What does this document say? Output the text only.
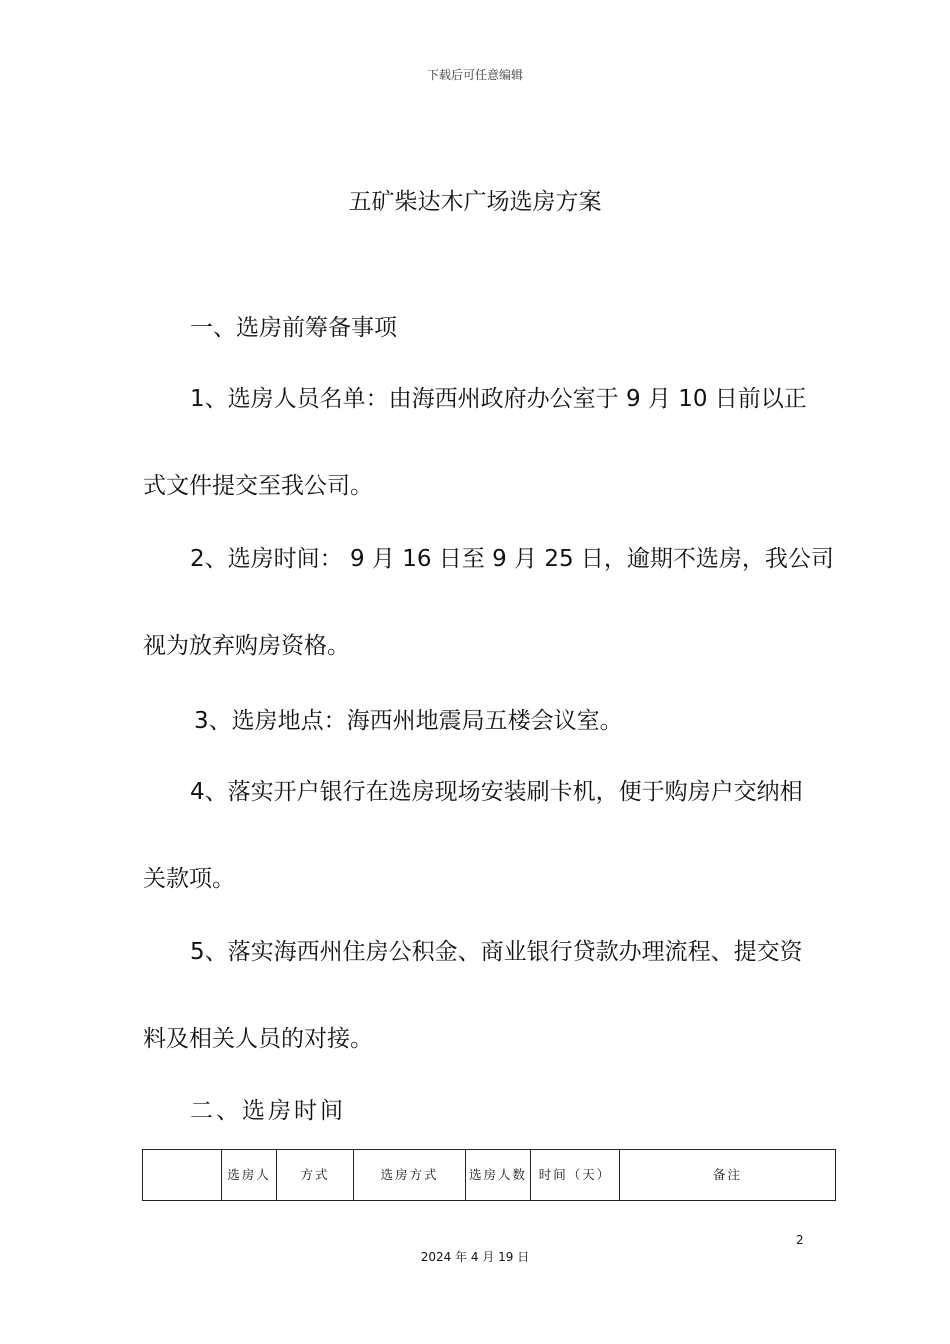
下载后可任意编辑
五矿柴达木广场选房方案
一、选房前筹备事项
1、选房人员名单：由海西州政府办公室于 9 月 10 日前以正
式文件提交至我公司。
2、选房时间： 9 月 16 日至 9 月 25 日，逾期不选房，我公司
视为放弃购房资格。
3、选房地点：海西州地震局五楼会议室。
4、落实开户银行在选房现场安装刷卡机，便于购房户交纳相
关款项。
5、落实海西州住房公积金、商业银行贷款办理流程、提交资
料及相关人员的对接。
二、选房时间
	选房人	方式	选房方式	选房人数	时间（天）	备注
2
2024 年 4 月 19 日
